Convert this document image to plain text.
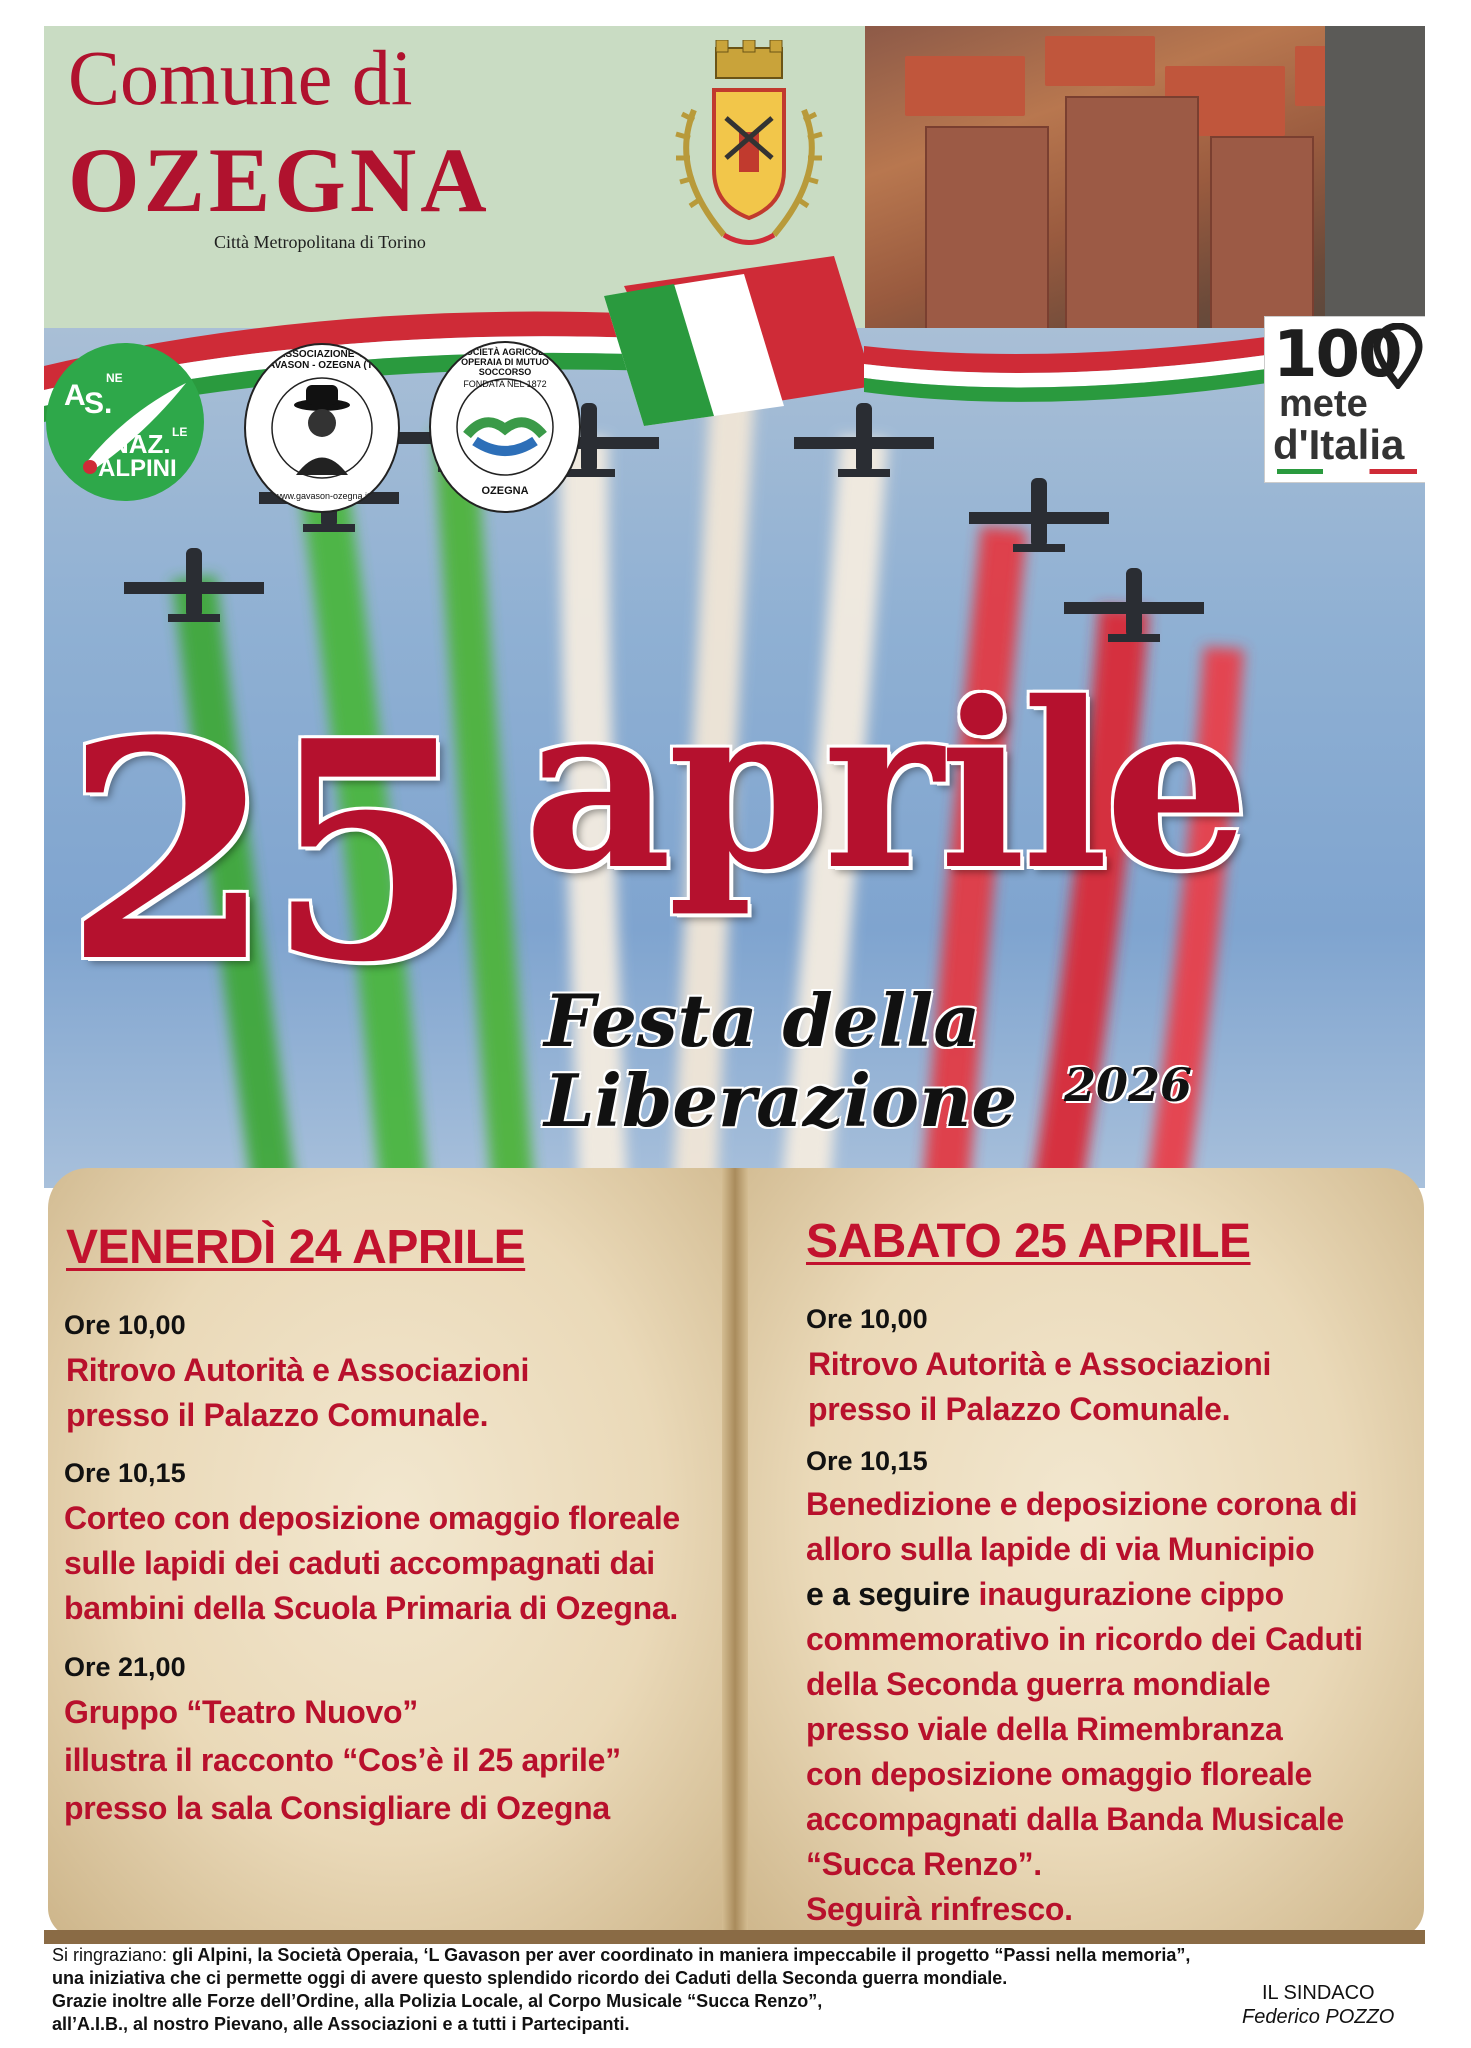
Comune di
OZEGNA
Città Metropolitana di Torino
A
S.
NE
NAZ. LE
ALPINI
ASSOCIAZIONE 'L GAVASON - OZEGNA (TO)
www.gavason-ozegna.it
SOCIETÀ AGRICOLA OPERAIA DI MUTUO SOCCORSO
FONDATA NEL 1872
OZEGNA
100
mete
d'Italia
25 aprile
Festa della Liberazione	2026
VENERDÌ 24 APRILE

Ore 10,00

Ritrovo Autorità e Associazioni

presso il Palazzo Comunale.

Ore 10,15

Corteo con deposizione omaggio floreale

sulle lapidi dei caduti accompagnati dai

bambini della Scuola Primaria di Ozegna.

Ore 21,00

Gruppo “Teatro Nuovo”

illustra il racconto “Cos’è il 25 aprile”

presso la sala Consigliare di Ozegna

SABATO 25 APRILE

Ore 10,00

Ritrovo Autorità e Associazioni

presso il Palazzo Comunale.

Ore 10,15

Benedizione e deposizione corona di

alloro sulla lapide di via Municipio

e a seguire inaugurazione cippo

commemorativo in ricordo dei Caduti

della Seconda guerra mondiale

presso viale della Rimembranza

con deposizione omaggio floreale

accompagnati dalla Banda Musicale

“Succa Renzo”.

Seguirà rinfresco.

Si ringraziano: gli Alpini, la Società Operaia, ‘L Gavason per aver coordinato in maniera impeccabile il progetto “Passi nella memoria”,
una iniziativa che ci permette oggi di avere questo splendido ricordo dei Caduti della Seconda guerra mondiale.
Grazie inoltre alle Forze dell’Ordine, alla Polizia Locale, al Corpo Musicale “Succa Renzo”,
all’A.I.B., al nostro Pievano, alle Associazioni e a tutti i Partecipanti.
IL SINDACO
Federico POZZO
